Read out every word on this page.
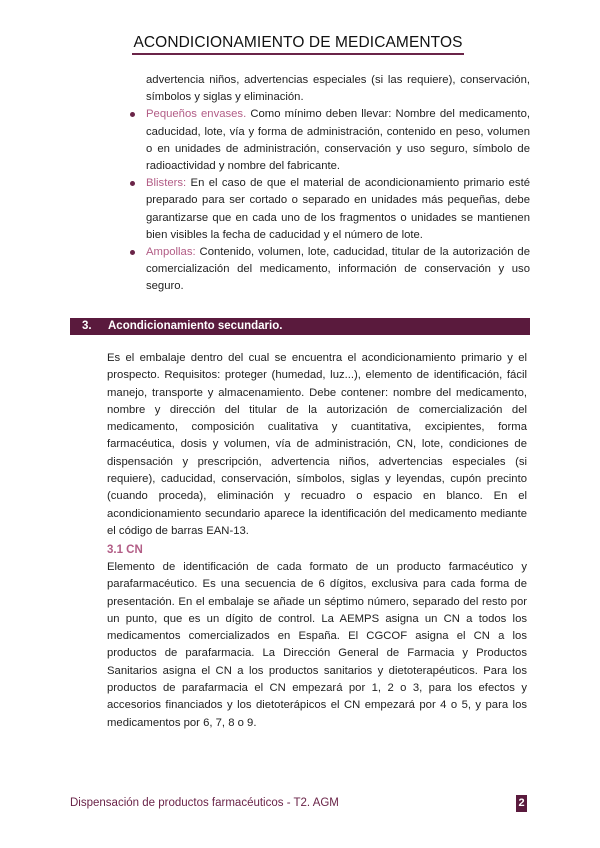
ACONDICIONAMIENTO DE MEDICAMENTOS
advertencia niños, advertencias especiales (si las requiere), conservación, símbolos y siglas y eliminación.
Pequeños envases. Como mínimo deben llevar: Nombre del medicamento, caducidad, lote, vía y forma de administración, contenido en peso, volumen o en unidades de administración, conservación y uso seguro, símbolo de radioactividad y nombre del fabricante.
Blisters: En el caso de que el material de acondicionamiento primario esté preparado para ser cortado o separado en unidades más pequeñas, debe garantizarse que en cada uno de los fragmentos o unidades se mantienen bien visibles la fecha de caducidad y el número de lote.
Ampollas: Contenido, volumen, lote, caducidad, titular de la autorización de comercialización del medicamento, información de conservación y uso seguro.
3. Acondicionamiento secundario.
Es el embalaje dentro del cual se encuentra el acondicionamiento primario y el prospecto. Requisitos: proteger (humedad, luz...), elemento de identificación, fácil manejo, transporte y almacenamiento. Debe contener: nombre del medicamento, nombre y dirección del titular de la autorización de comercialización del medicamento, composición cualitativa y cuantitativa, excipientes, forma farmacéutica, dosis y volumen, vía de administración, CN, lote, condiciones de dispensación y prescripción, advertencia niños, advertencias especiales (si requiere), caducidad, conservación, símbolos, siglas y leyendas, cupón precinto (cuando proceda), eliminación y recuadro o espacio en blanco. En el acondicionamiento secundario aparece la identificación del medicamento mediante el código de barras EAN-13.
3.1 CN
Elemento de identificación de cada formato de un producto farmacéutico y parafarmacéutico. Es una secuencia de 6 dígitos, exclusiva para cada forma de presentación. En el embalaje se añade un séptimo número, separado del resto por un punto, que es un dígito de control. La AEMPS asigna un CN a todos los medicamentos comercializados en España. El CGCOF asigna el CN a los productos de parafarmacia. La Dirección General de Farmacia y Productos Sanitarios asigna el CN a los productos sanitarios y dietoterapéuticos. Para los productos de parafarmacia el CN empezará por 1, 2 o 3, para los efectos y accesorios financiados y los dietoterápicos el CN empezará por 4 o 5, y para los medicamentos por 6, 7, 8 o 9.
Dispensación de productos farmacéuticos - T2. AGM	2
